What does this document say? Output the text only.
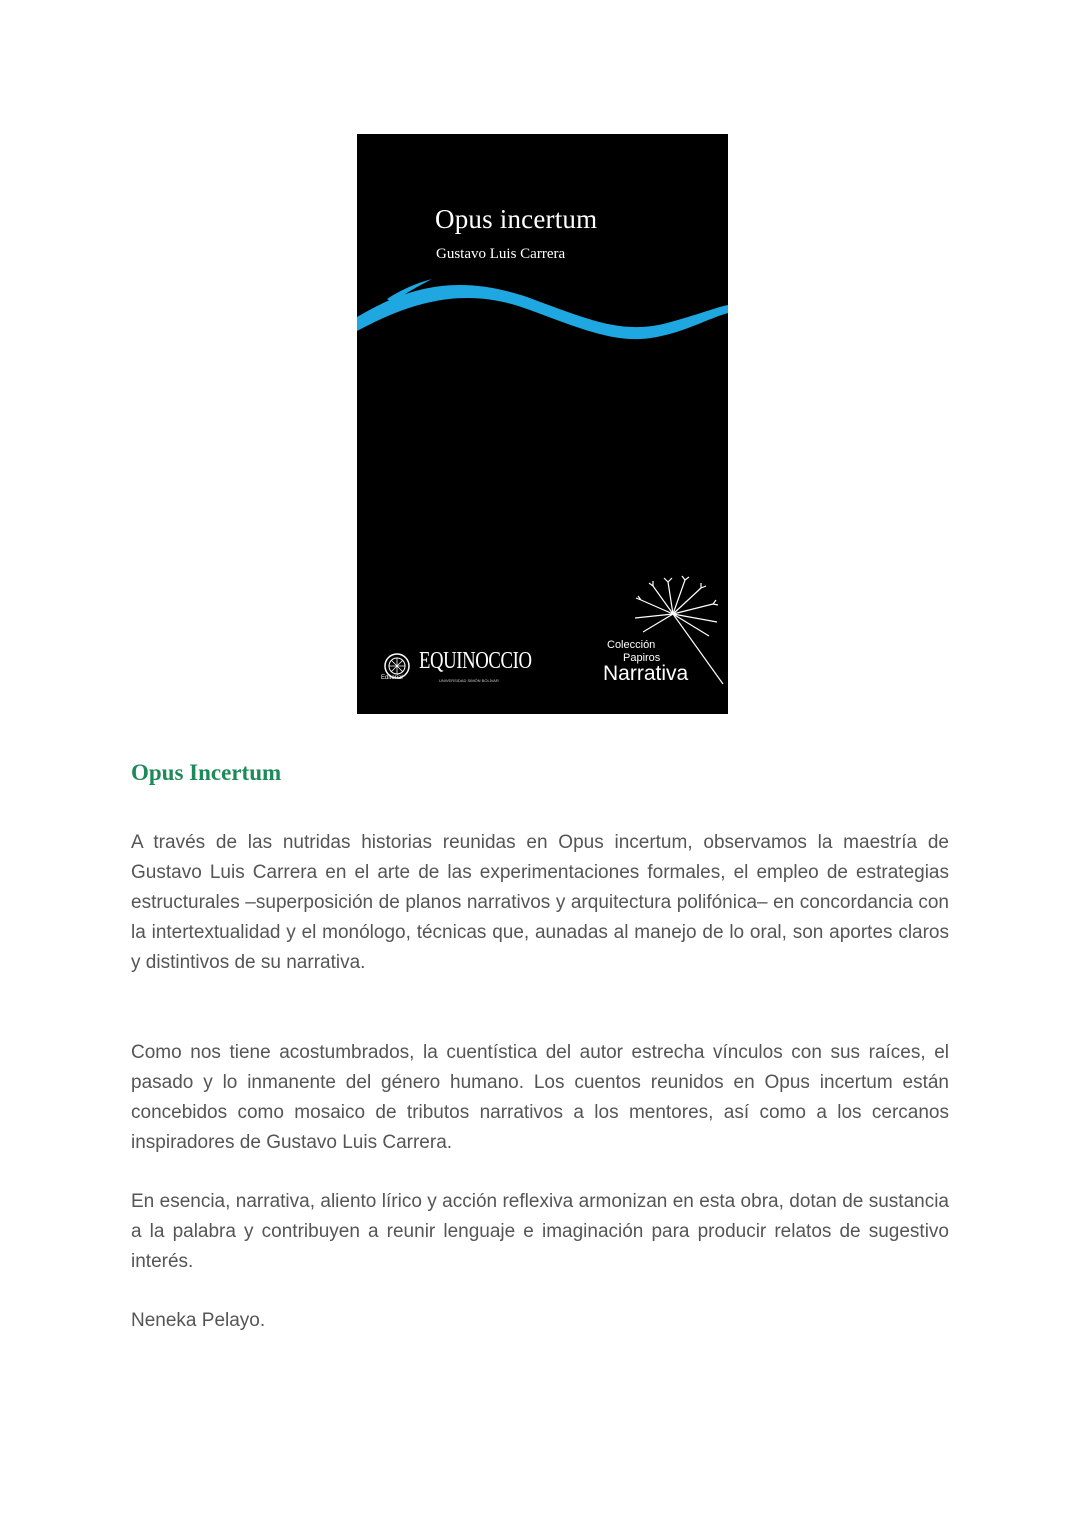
Opus incertum
Gustavo Luis Carrera
Editorial
EQUINOCCIO
UNIVERSIDAD SIMÓN BOLÍVAR
Colección
Papiros
Narrativa
Opus Incertum

A través de las nutridas historias reunidas en Opus incertum, observamos la maestría de Gustavo Luis Carrera en el arte de las experimentaciones formales, el empleo de estrategias estructurales –superposición de planos narrativos y arquitectura polifónica– en concordancia con la intertextualidad y el monólogo, técnicas que, aunadas al manejo de lo oral, son aportes claros y distintivos de su narrativa.

Como nos tiene acostumbrados, la cuentística del autor estrecha vínculos con sus raíces, el pasado y lo inmanente del género humano. Los cuentos reunidos en Opus incertum están concebidos como mosaico de tributos narrativos a los mentores, así como a los cercanos inspiradores de Gustavo Luis Carrera.

En esencia, narrativa, aliento lírico y acción reflexiva armonizan en esta obra, dotan de sustancia a la palabra y contribuyen a reunir lenguaje e imaginación para producir relatos de sugestivo interés.

Neneka Pelayo.
